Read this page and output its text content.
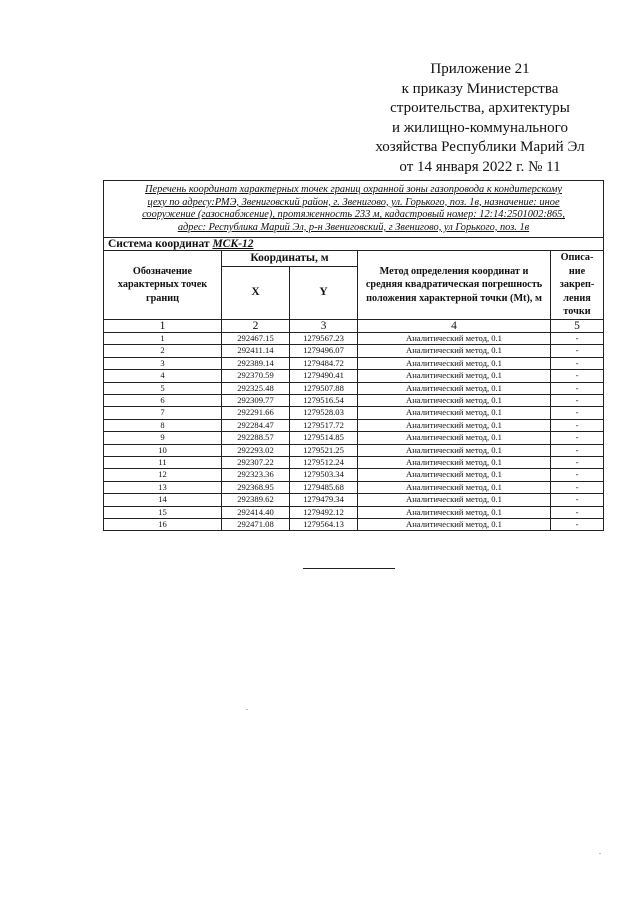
Приложение 21
к приказу Министерства
строительства, архитектуры
и жилищно-коммунального
хозяйства Республики Марий Эл
от 14 января 2022 г. № 11
Перечень координат характерных точек границ охранной зоны газопровода к кондитерскому
цеху по адресу:РМЭ, Звениговский район, г. Звенигово, ул. Горького, поз. 1в, назначение: иное
сооружение (газоснабжение), протяженность 233 м, кадастровый номер: 12:14:2501002:865,
адрес: Республика Марий Эл, р-н Звениговский, г Звенигово, ул Горького, поз. 1в				

Система координат МСК-12				
Обозначение характерных точек границ	Координаты, м		Метод определения координат и средняя квадратическая погрешность положения характерной точки (Mt), м	Описа-ние закреп-ления точки
	X	Y		
1	2	3	4	5
1	292467.15	1279567.23	Аналитический метод, 0.1	-
2	292411.14	1279496.07	Аналитический метод, 0.1	-
3	292389.14	1279484.72	Аналитический метод, 0.1	-
4	292370.59	1279490.41	Аналитический метод, 0.1	-
5	292325.48	1279507.88	Аналитический метод, 0.1	-
6	292309.77	1279516.54	Аналитический метод, 0.1	-
7	292291.66	1279528.03	Аналитический метод, 0.1	-
8	292284.47	1279517.72	Аналитический метод, 0.1	-
9	292288.57	1279514.85	Аналитический метод, 0.1	-
10	292293.02	1279521.25	Аналитический метод, 0.1	-
11	292307.22	1279512.24	Аналитический метод, 0.1	-
12	292323.36	1279503.34	Аналитический метод, 0.1	-
13	292368.95	1279485.68	Аналитический метод, 0.1	-
14	292389.62	1279479.34	Аналитический метод, 0.1	-
15	292414.40	1279492.12	Аналитический метод, 0.1	-
16	292471.08	1279564.13	Аналитический метод, 0.1	-
